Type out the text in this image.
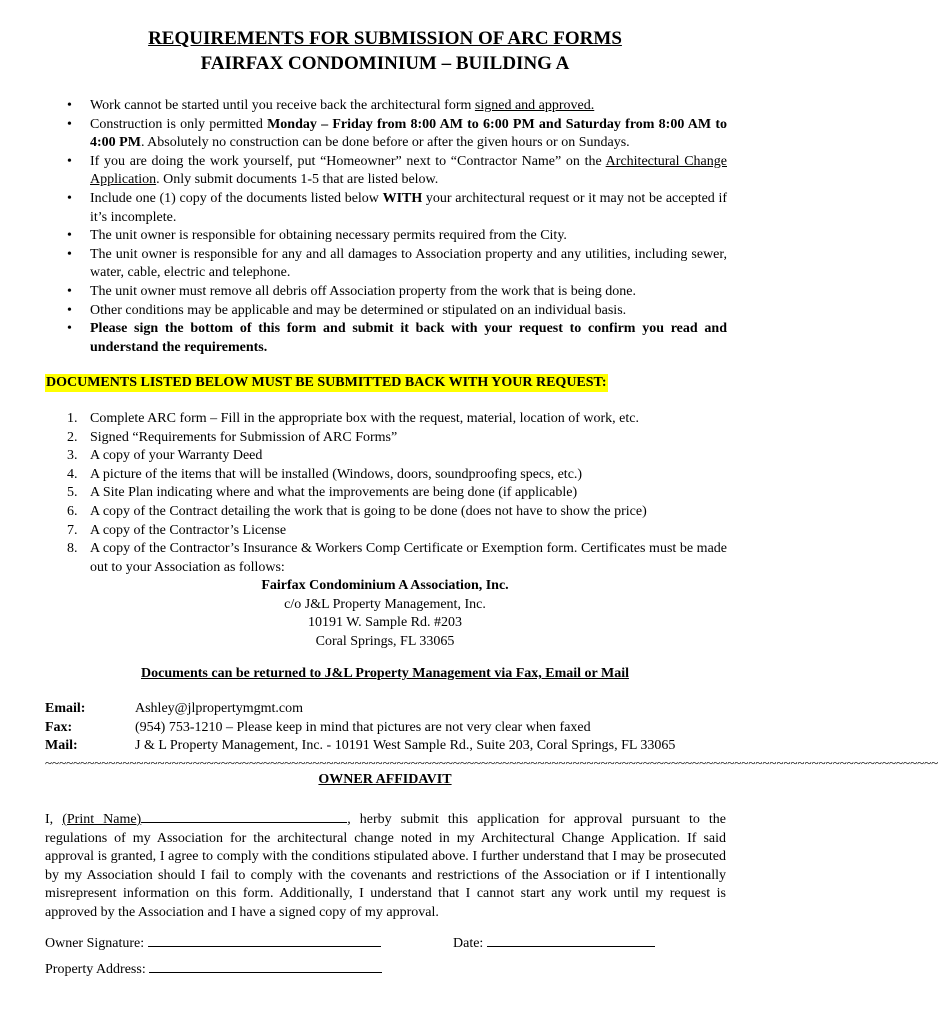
REQUIREMENTS FOR SUBMISSION OF ARC FORMS
FAIRFAX CONDOMINIUM – BUILDING A
• Work cannot be started until you receive back the architectural form signed and approved.
• Construction is only permitted Monday – Friday from 8:00 AM to 6:00 PM and Saturday from 8:00 AM to 4:00 PM. Absolutely no construction can be done before or after the given hours or on Sundays.
• If you are doing the work yourself, put “Homeowner” next to “Contractor Name” on the Architectural Change Application. Only submit documents 1-5 that are listed below.
• Include one (1) copy of the documents listed below WITH your architectural request or it may not be accepted if it’s incomplete.
• The unit owner is responsible for obtaining necessary permits required from the City.
• The unit owner is responsible for any and all damages to Association property and any utilities, including sewer, water, cable, electric and telephone.
• The unit owner must remove all debris off Association property from the work that is being done.
• Other conditions may be applicable and may be determined or stipulated on an individual basis.
• Please sign the bottom of this form and submit it back with your request to confirm you read and understand the requirements.
DOCUMENTS LISTED BELOW MUST BE SUBMITTED BACK WITH YOUR REQUEST:
1. Complete ARC form – Fill in the appropriate box with the request, material, location of work, etc.
2. Signed “Requirements for Submission of ARC Forms”
3. A copy of your Warranty Deed
4. A picture of the items that will be installed (Windows, doors, soundproofing specs, etc.)
5. A Site Plan indicating where and what the improvements are being done (if applicable)
6. A copy of the Contract detailing the work that is going to be done (does not have to show the price)
7. A copy of the Contractor’s License
8. A copy of the Contractor’s Insurance & Workers Comp Certificate or Exemption form. Certificates must be made out to your Association as follows:
Fairfax Condominium A Association, Inc.
c/o J&L Property Management, Inc.
10191 W. Sample Rd. #203
Coral Springs, FL 33065
Documents can be returned to J&L Property Management via Fax, Email or Mail
Email:	Ashley@jlpropertymgmt.com
Fax:	(954) 753-1210 – Please keep in mind that pictures are not very clear when faxed
Mail:	J & L Property Management, Inc. - 10191 West Sample Rd., Suite 203, Coral Springs, FL 33065
~~~~~~~~~~~~~~~~~~~~~~~~~~~~~~~~~~~~~~~~~~~~~~~~~~~~~~~~~~~~~~~~~~~~~~~~~~~~~~~~~~~~~~~~~~~~~~~~~~~~~~~~~~~~~~~~~~~~~~~~~~~~~~~
OWNER AFFIDAVIT
I, (Print Name)	, herby submit this application for approval pursuant to the regulations of my Association for the architectural change noted in my Architectural Change Application. If said approval is granted, I agree to comply with the conditions stipulated above. I further understand that I may be prosecuted by my Association should I fail to comply with the covenants and restrictions of the Association or if I intentionally misrepresent information on this form. Additionally, I understand that I cannot start any work until my request is approved by the Association and I have a signed copy of my approval.
Owner Signature:	Date:
Property Address:
